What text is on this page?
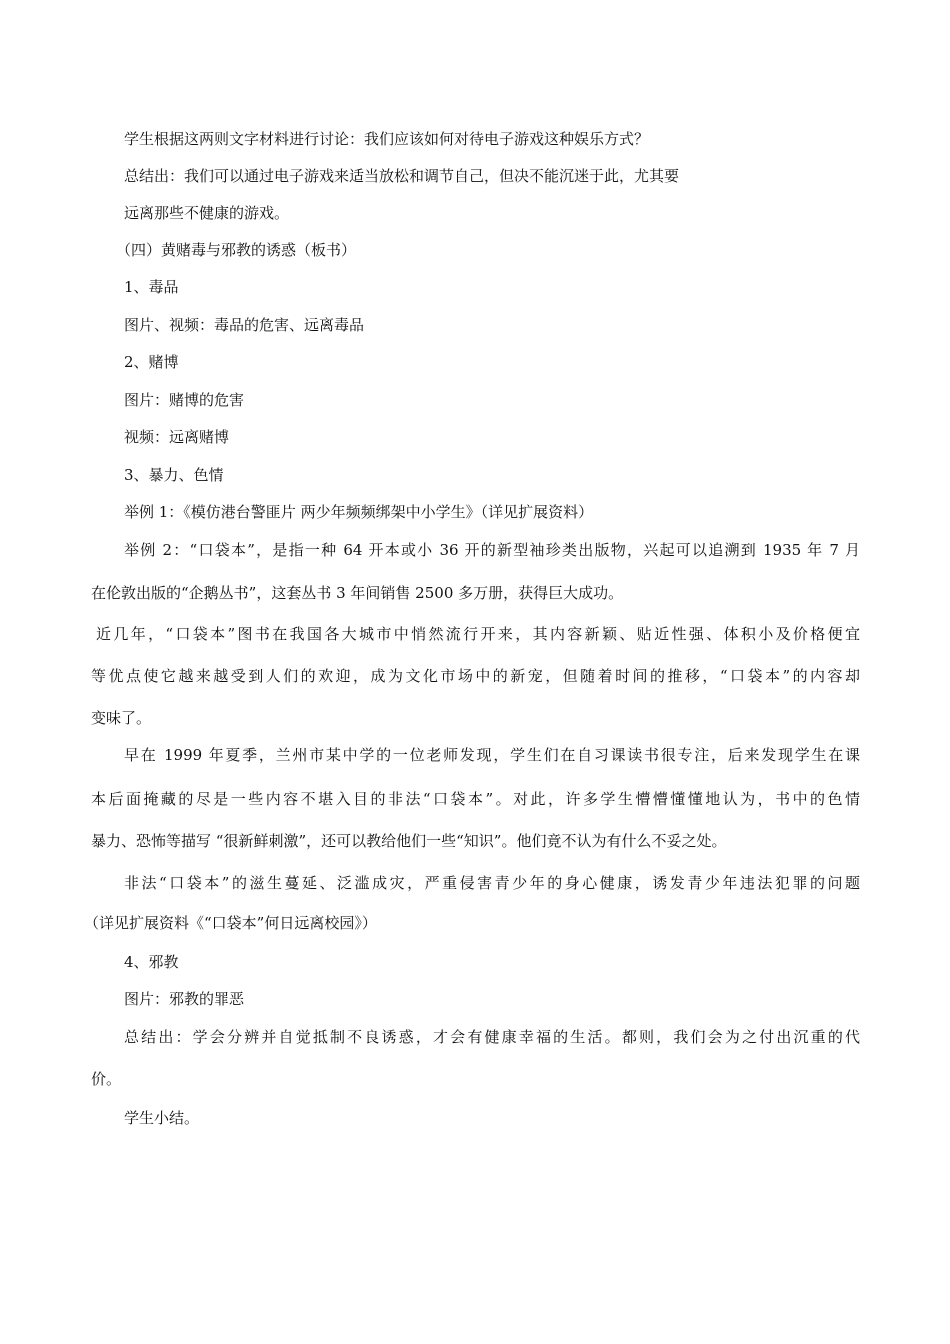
学生根据这两则文字材料进行讨论：我们应该如何对待电子游戏这种娱乐方式？
总结出：我们可以通过电子游戏来适当放松和调节自己，但决不能沉迷于此，尤其要
远离那些不健康的游戏。
（四）黄赌毒与邪教的诱惑（板书）
1、毒品
图片、视频：毒品的危害、远离毒品
2、赌博
图片：赌博的危害
视频：远离赌博
3、暴力、色情
举例 1：《模仿港台警匪片 两少年频频绑架中小学生》（详见扩展资料）
举例 2：“口袋本”，是指一种 64 开本或小 36 开的新型袖珍类出版物，兴起可以追溯到 1935 年 7 月
在伦敦出版的“企鹅丛书”，这套丛书 3 年间销售 2500 多万册，获得巨大成功。
近几年，“口袋本”图书在我国各大城市中悄然流行开来，其内容新颖、贴近性强、体积小及价格便宜
等优点使它越来越受到人们的欢迎，成为文化市场中的新宠，但随着时间的推移，“口袋本”的内容却
变味了。
早在 1999 年夏季，兰州市某中学的一位老师发现，学生们在自习课读书很专注，后来发现学生在课
本后面掩藏的尽是一些内容不堪入目的非法“口袋本”。对此，许多学生懵懵懂懂地认为，书中的色情
暴力、恐怖等描写 “很新鲜刺激”，还可以教给他们一些“知识”。他们竟不认为有什么不妥之处。
非法“口袋本”的滋生蔓延、泛滥成灾，严重侵害青少年的身心健康，诱发青少年违法犯罪的问题
（详见扩展资料《“口袋本”何日远离校园》）
4、邪教
图片：邪教的罪恶
总结出：学会分辨并自觉抵制不良诱惑，才会有健康幸福的生活。都则，我们会为之付出沉重的代
价。
学生小结。
